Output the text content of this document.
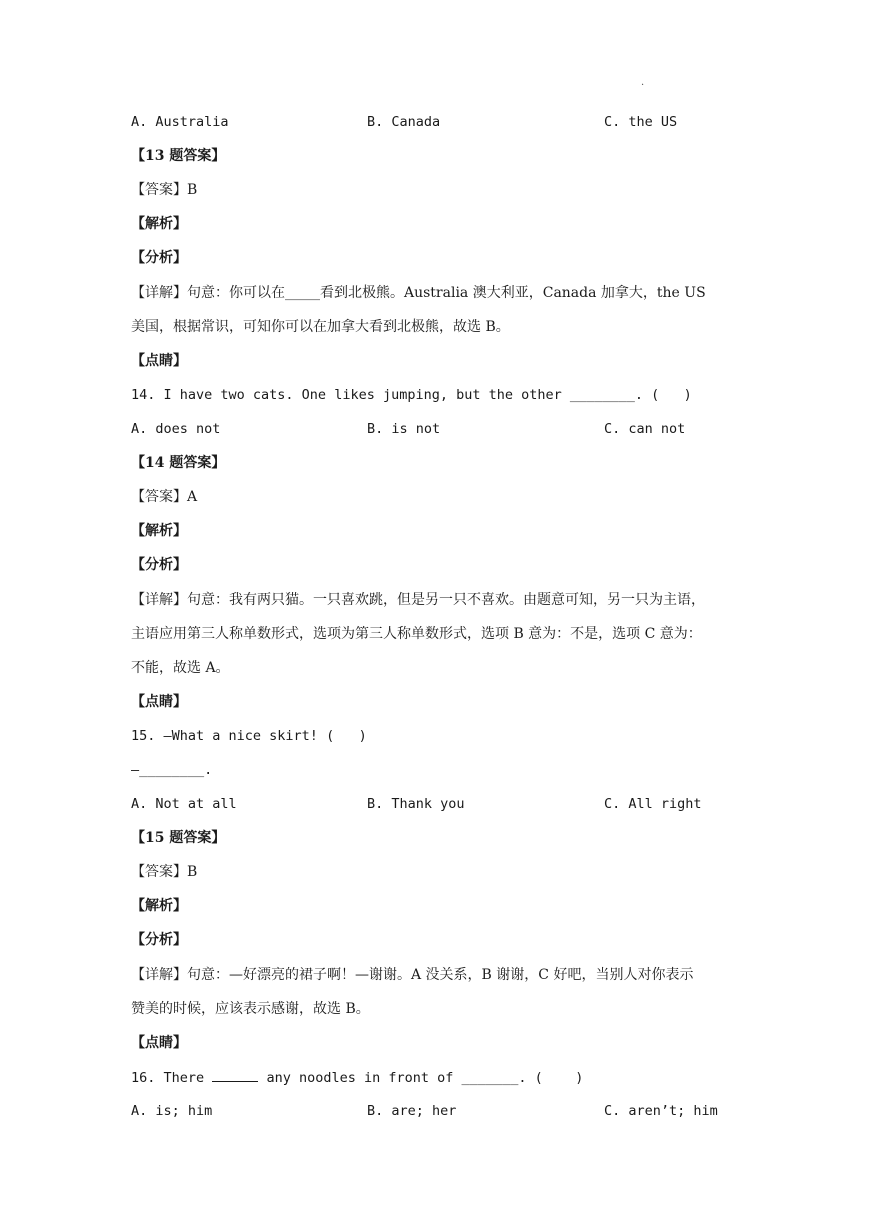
·
A. Australia	B. Canada	C. the US
【13 题答案】
【答案】B
【解析】
【分析】
【详解】句意：你可以在_____看到北极熊。Australia 澳大利亚，Canada 加拿大，the US
美国，根据常识，可知你可以在加拿大看到北极熊，故选 B。
【点睛】
14. I have two cats. One likes jumping, but the other ________. (   )
A. does not	B. is not	C. can not
【14 题答案】
【答案】A
【解析】
【分析】
【详解】句意：我有两只猫。一只喜欢跳，但是另一只不喜欢。由题意可知，另一只为主语，
主语应用第三人称单数形式，选项为第三人称单数形式，选项 B 意为：不是，选项 C 意为：
不能，故选 A。
【点睛】
15. —What a nice skirt! (   )
—________.
A. Not at all	B. Thank you	C. All right
【15 题答案】
【答案】B
【解析】
【分析】
【详解】句意：—好漂亮的裙子啊！—谢谢。A 没关系，B 谢谢，C 好吧，当别人对你表示
赞美的时候，应该表示感谢，故选 B。
【点睛】
16. There	any noodles in front of _______. (    )
A. is; him	B. are; her	C. aren’t; him
